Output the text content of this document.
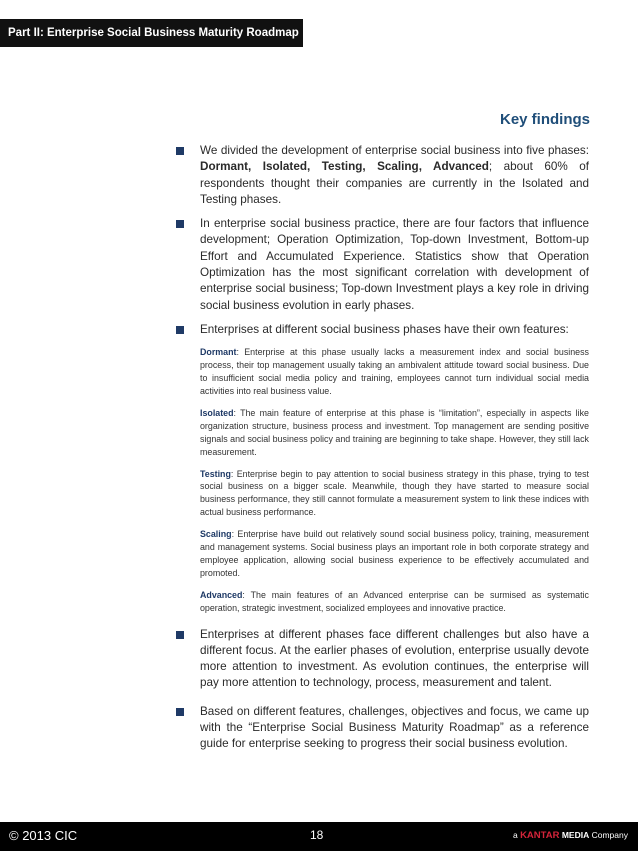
Part II: Enterprise Social Business Maturity Roadmap
Key findings
We divided the development of enterprise social business into five phases: Dormant, Isolated, Testing, Scaling, Advanced; about 60% of respondents thought their companies are currently in the Isolated and Testing phases.
In enterprise social business practice, there are four factors that influence development; Operation Optimization, Top-down Investment, Bottom-up Effort and Accumulated Experience. Statistics show that Operation Optimization has the most significant correlation with development of enterprise social business; Top-down Investment plays a key role in driving social business evolution in early phases.
Enterprises at different social business phases have their own features:
Dormant: Enterprise at this phase usually lacks a measurement index and social business process, their top management usually taking an ambivalent attitude toward social business. Due to insufficient social media policy and training, employees cannot turn individual social media activities into real business value.
Isolated: The main feature of enterprise at this phase is “limitation”, especially in aspects like organization structure, business process and investment. Top management are sending positive signals and social business policy and training are beginning to take shape. However, they still lack measurement.
Testing: Enterprise begin to pay attention to social business strategy in this phase, trying to test social business on a bigger scale. Meanwhile, though they have started to measure social business performance, they still cannot formulate a measurement system to link these indices with actual business performance.
Scaling: Enterprise have build out relatively sound social business policy, training, measurement and management systems. Social business plays an important role in both corporate strategy and employee application, allowing social business experience to be effectively accumulated and promoted.
Advanced: The main features of an Advanced enterprise can be surmised as systematic operation, strategic investment, socialized employees and innovative practice.
Enterprises at different phases face different challenges but also have a different focus. At the earlier phases of evolution, enterprise usually devote more attention to investment. As evolution continues, the enterprise will pay more attention to technology, process, measurement and talent.
Based on different features, challenges, objectives and focus, we came up with the “Enterprise Social Business Maturity Roadmap” as a reference guide for enterprise seeking to progress their social business evolution.
© 2013 CIC	18	a KANTAR MEDIA Company
